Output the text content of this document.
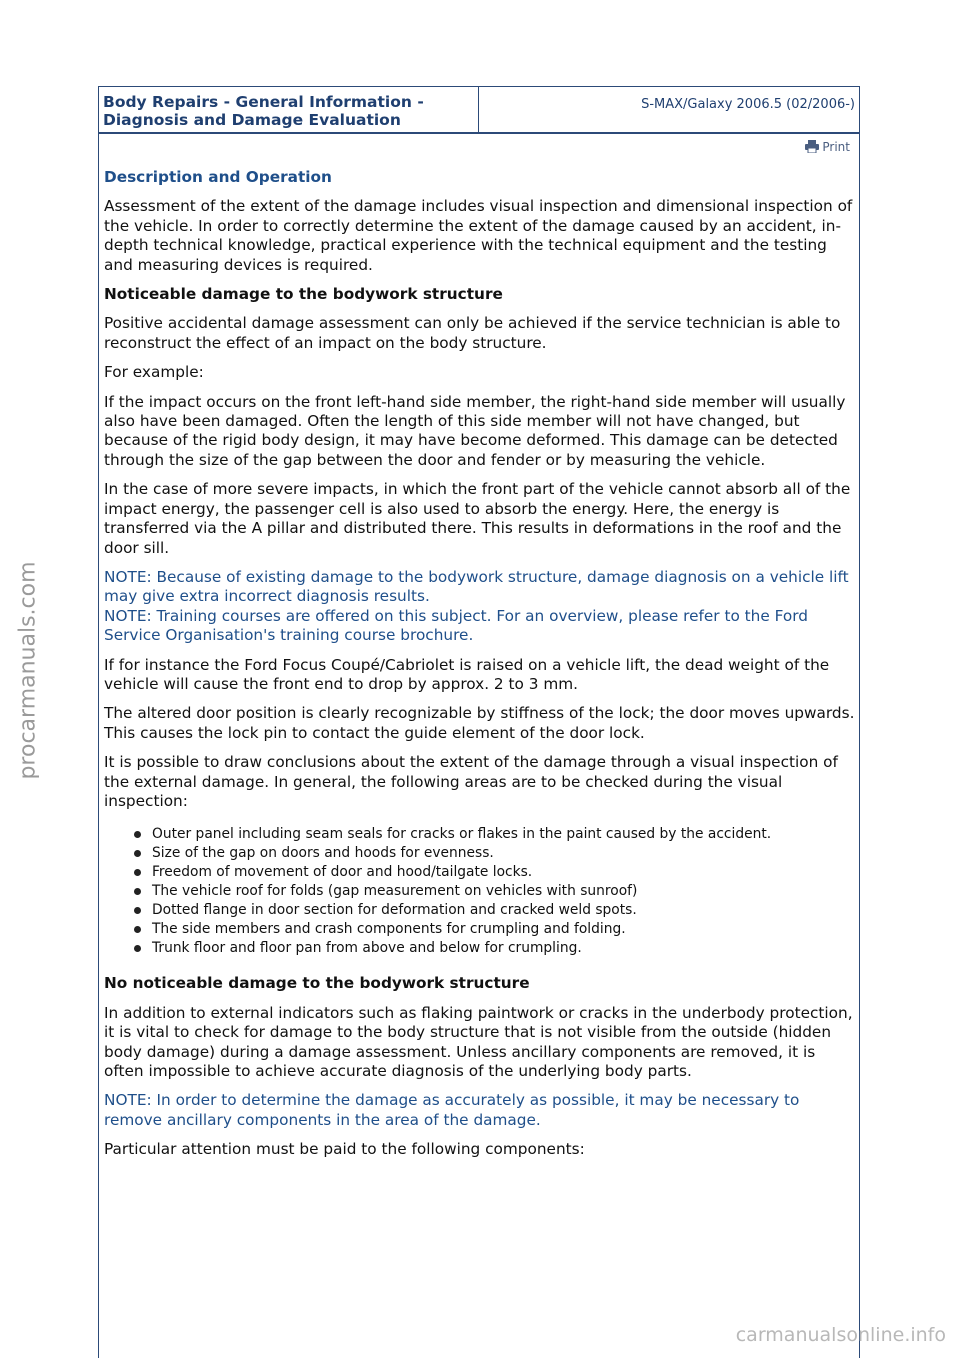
procarmanuals.com
Body Repairs - General Information -
Diagnosis and Damage Evaluation
S-MAX/Galaxy 2006.5 (02/2006-)
Print

Description and Operation

Assessment of the extent of the damage includes visual inspection and dimensional inspection of the vehicle. In order to correctly determine the extent of the damage caused by an accident, in-depth technical knowledge, practical experience with the technical equipment and the testing and measuring devices is required.

Noticeable damage to the bodywork structure

Positive accidental damage assessment can only be achieved if the service technician is able to reconstruct the effect of an impact on the body structure.

For example:

If the impact occurs on the front left-hand side member, the right-hand side member will usually also have been damaged. Often the length of this side member will not have changed, but because of the rigid body design, it may have become deformed. This damage can be detected through the size of the gap between the door and fender or by measuring the vehicle.

In the case of more severe impacts, in which the front part of the vehicle cannot absorb all of the impact energy, the passenger cell is also used to absorb the energy. Here, the energy is transferred via the A pillar and distributed there. This results in deformations in the roof and the door sill.

NOTE: Because of existing damage to the bodywork structure, damage diagnosis on a vehicle lift may give extra incorrect diagnosis results.

NOTE: Training courses are offered on this subject. For an overview, please refer to the Ford Service Organisation's training course brochure.

If for instance the Ford Focus Coupé/Cabriolet is raised on a vehicle lift, the dead weight of the vehicle will cause the front end to drop by approx. 2 to 3 mm.

The altered door position is clearly recognizable by stiffness of the lock; the door moves upwards. This causes the lock pin to contact the guide element of the door lock.

It is possible to draw conclusions about the extent of the damage through a visual inspection of the external damage. In general, the following areas are to be checked during the visual inspection:

Outer panel including seam seals for cracks or flakes in the paint caused by the accident.
Size of the gap on doors and hoods for evenness.
Freedom of movement of door and hood/tailgate locks.
The vehicle roof for folds (gap measurement on vehicles with sunroof)
Dotted flange in door section for deformation and cracked weld spots.
The side members and crash components for crumpling and folding.
Trunk floor and floor pan from above and below for crumpling.

No noticeable damage to the bodywork structure

In addition to external indicators such as flaking paintwork or cracks in the underbody protection, it is vital to check for damage to the body structure that is not visible from the outside (hidden body damage) during a damage assessment. Unless ancillary components are removed, it is often impossible to achieve accurate diagnosis of the underlying body parts.

NOTE: In order to determine the damage as accurately as possible, it may be necessary to remove ancillary components in the area of the damage.

Particular attention must be paid to the following components:

carmanualsonline.info
